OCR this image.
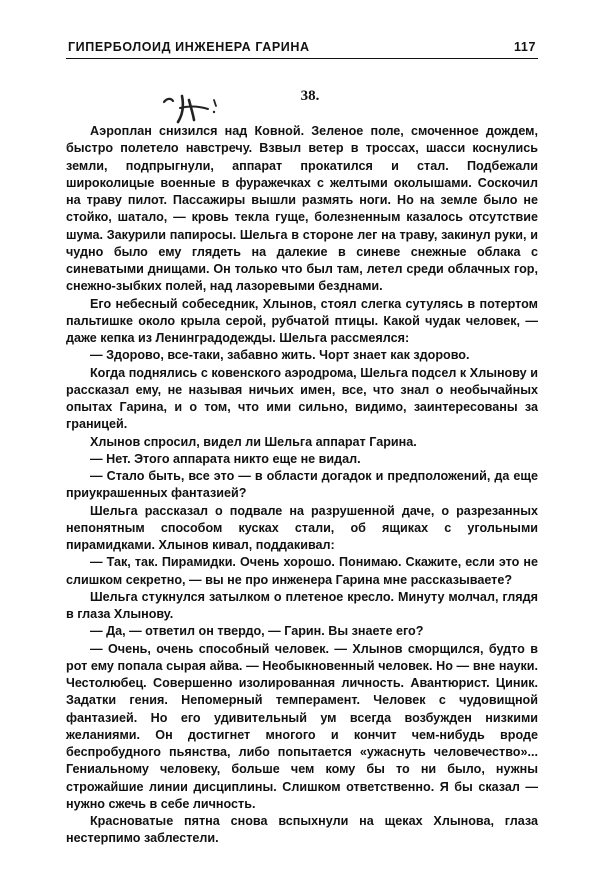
ГИПЕРБОЛОИД ИНЖЕНЕРА ГАРИНА	117
38.

Аэроплан снизился над Ковной. Зеленое поле, смоченное дождем, быстро полетело навстречу. Взвыл ветер в троссах, шасси коснулись земли, подпрыгнули, аппарат прокатился и стал. Подбежали широколицые военные в фуражечках с желтыми околышами. Соскочил на траву пилот. Пассажиры вышли размять ноги. Но на земле было не стойко, шатало, — кровь текла гуще, болезненным казалось отсутствие шума. Закурили папиросы. Шельга в стороне лег на траву, закинул руки, и чудно было ему глядеть на далекие в синеве снежные облака с синеватыми днищами. Он только что был там, летел среди облачных гор, снежно-зыбких полей, над лазоревыми безднами.

Его небесный собеседник, Хлынов, стоял слегка сутулясь в потертом пальтишке около крыла серой, рубчатой птицы. Какой чудак человек, — даже кепка из Ленинградодежды. Шельга рассмеялся:

— Здорово, все-таки, забавно жить. Чорт знает как здорово.

Когда поднялись с ковенского аэродрома, Шельга подсел к Хлынову и рассказал ему, не называя ничьих имен, все, что знал о необычайных опытах Гарина, и о том, что ими сильно, видимо, заинтересованы за границей.

Хлынов спросил, видел ли Шельга аппарат Гарина.

— Нет. Этого аппарата никто еще не видал.

— Стало быть, все это — в области догадок и предположений, да еще приукрашенных фантазией?

Шельга рассказал о подвале на разрушенной даче, о разрезанных непонятным способом кусках стали, об ящиках с угольными пирамидками. Хлынов кивал, поддакивал:

— Так, так. Пирамидки. Очень хорошо. Понимаю. Скажите, если это не слишком секретно, — вы не про инженера Гарина мне рассказываете?

Шельга стукнулся затылком о плетеное кресло. Минуту молчал, глядя в глаза Хлынову.

— Да, — ответил он твердо, — Гарин. Вы знаете его?

— Очень, очень способный человек. — Хлынов сморщился, будто в рот ему попала сырая айва. — Необыкновенный человек. Но — вне науки. Честолюбец. Совершенно изолированная личность. Авантюрист. Циник. Задатки гения. Непомерный темперамент. Человек с чудовищной фантазией. Но его удивительный ум всегда возбужден низкими желаниями. Он достигнет многого и кончит чем-нибудь вроде беспробудного пьянства, либо попытается «ужаснуть человечество»... Гениальному человеку, больше чем кому бы то ни было, нужны строжайшие линии дисциплины. Слишком ответственно. Я бы сказал — нужно сжечь в себе личность.

Красноватые пятна снова вспыхнули на щеках Хлынова, глаза нестерпимо заблестели.
